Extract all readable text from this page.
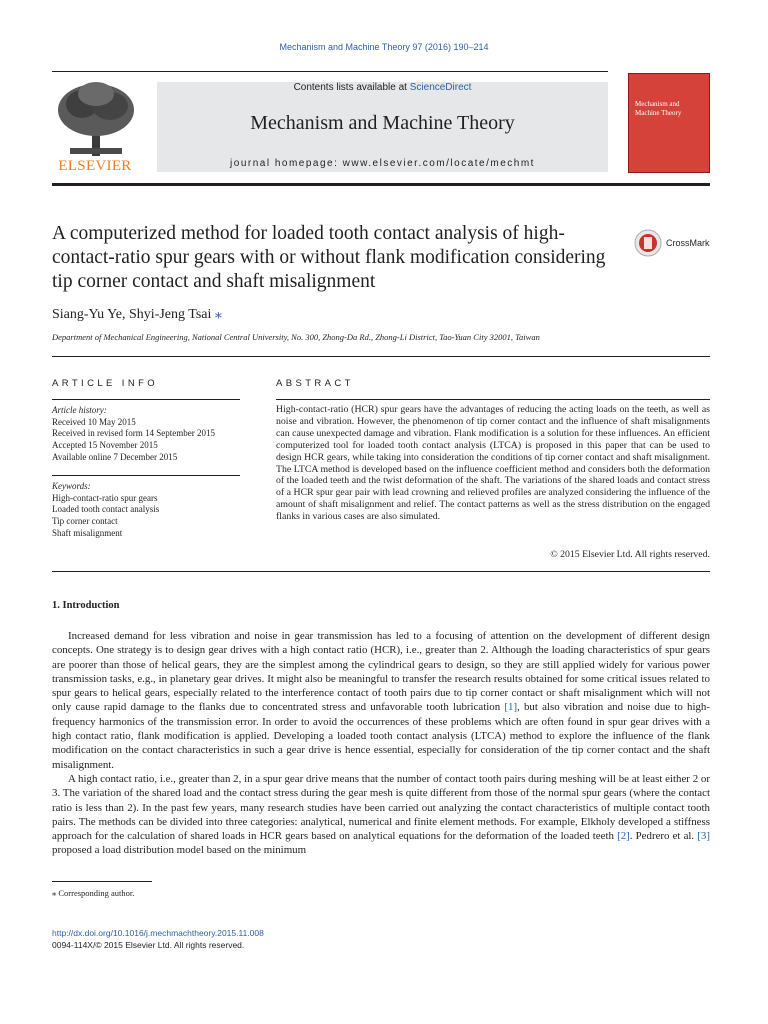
Mechanism and Machine Theory 97 (2016) 190–214
ELSEVIER
Contents lists available at ScienceDirect
Mechanism and Machine Theory
journal homepage: www.elsevier.com/locate/mechmt
Mechanism and
Machine Theory
A computerized method for loaded tooth contact analysis of high-contact-ratio spur gears with or without flank modification considering tip corner contact and shaft misalignment
CrossMark
Siang-Yu Ye, Shyi-Jeng Tsai ⁎
Department of Mechanical Engineering, National Central University, No. 300, Zhong-Da Rd., Zhong-Li District, Tao-Yuan City 32001, Taiwan
ARTICLE INFO	ABSTRACT
Article history:
Received 10 May 2015
Received in revised form 14 September 2015
Accepted 15 November 2015
Available online 7 December 2015
Keywords:
High-contact-ratio spur gears
Loaded tooth contact analysis
Tip corner contact
Shaft misalignment

High-contact-ratio (HCR) spur gears have the advantages of reducing the acting loads on the teeth, as well as noise and vibration. However, the phenomenon of tip corner contact and the influence of shaft misalignments can cause unexpected damage and vibration. Flank modification is a solution for these influences. An efficient computerized tool for loaded tooth contact analysis (LTCA) is proposed in this paper that can be used to design HCR gears, while taking into consideration the conditions of tip corner contact and shaft misalignment. The LTCA method is developed based on the influence coefficient method and considers both the deformation of the loaded teeth and the twist deformation of the shaft. The variations of the shared loads and contact stress of a HCR spur gear pair with lead crowning and relieved profiles are analyzed considering the influence of the amount of shaft misalignment and relief. The contact patterns as well as the stress distribution on the engaged flanks in various cases are also simulated.

© 2015 Elsevier Ltd. All rights reserved.
1. Introduction

Increased demand for less vibration and noise in gear transmission has led to a focusing of attention on the development of different design concepts. One strategy is to design gear drives with a high contact ratio (HCR), i.e., greater than 2. Although the loading characteristics of spur gears are poorer than those of helical gears, they are the simplest among the cylindrical gears to design, so they are still applied widely for various power transmission tasks, e.g., in planetary gear drives. It might also be meaningful to transfer the research results obtained for some critical issues related to spur gears to helical gears, especially related to the interference contact of tooth pairs due to tip corner contact or shaft misalignment which will not only cause rapid damage to the flanks due to concentrated stress and unfavorable tooth lubrication [1], but also vibration and noise due to high-frequency harmonics of the transmission error. In order to avoid the occurrences of these problems which are often found in spur gear drives with a high contact ratio, flank modification is applied. Developing a loaded tooth contact analysis (LTCA) method to explore the influence of the flank modification on the contact characteristics in such a gear drive is hence essential, especially for consideration of the tip corner contact and the shaft misalignment.

A high contact ratio, i.e., greater than 2, in a spur gear drive means that the number of contact tooth pairs during meshing will be at least either 2 or 3. The variation of the shared load and the contact stress during the gear mesh is quite different from those of the normal spur gears (where the contact ratio is less than 2). In the past few years, many research studies have been carried out analyzing the contact characteristics of multiple contact tooth pairs. The methods can be divided into three categories: analytical, numerical and finite element methods. For example, Elkholy developed a stiffness approach for the calculation of shared loads in HCR gears based on analytical equations for the deformation of the loaded teeth [2]. Pedrero et al. [3] proposed a load distribution model based on the minimum

⁎ Corresponding author.
http://dx.doi.org/10.1016/j.mechmachtheory.2015.11.008
0094-114X/© 2015 Elsevier Ltd. All rights reserved.
